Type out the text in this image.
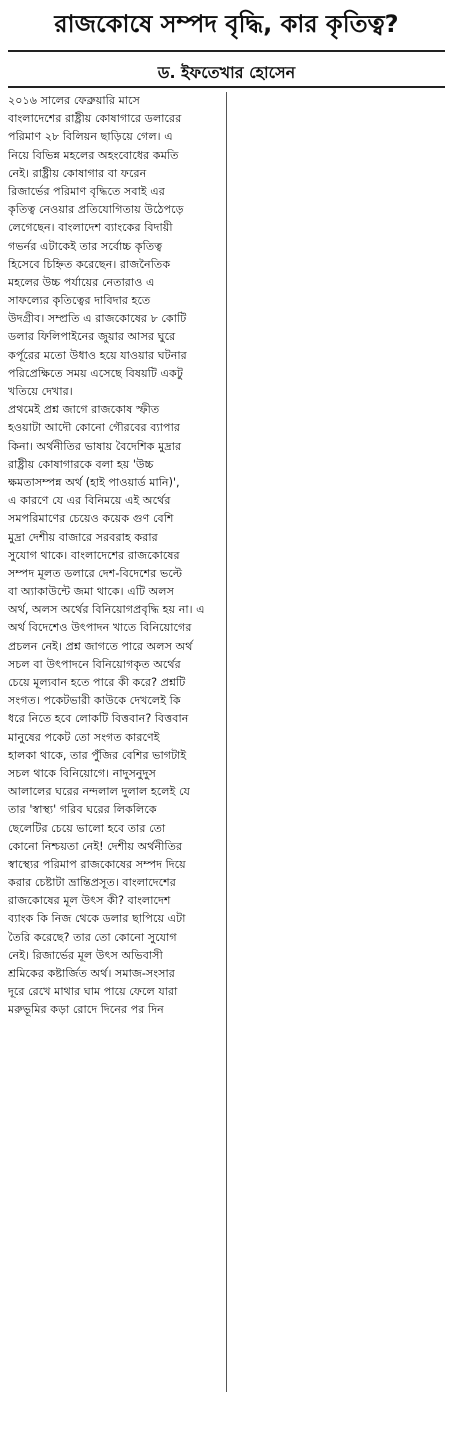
রাজকোষে সম্পদ বৃদ্ধি, কার কৃতিত্ব?
ড. ইফতেখার হোসেন
২০১৬ সালের ফেব্রুয়ারি মাসে
বাংলাদেশের রাষ্ট্রীয় কোষাগারে ডলারের
পরিমাণ ২৮ বিলিয়ন ছাড়িয়ে গেল। এ
নিয়ে বিভিন্ন মহলের অহংবোধের কমতি
নেই। রাষ্ট্রীয় কোষাগার বা ফরেন
রিজার্ভের পরিমাণ বৃদ্ধিতে সবাই এর
কৃতিত্ব নেওয়ার প্রতিযোগিতায় উঠেপড়ে
লেগেছেন। বাংলাদেশ ব্যাংকের বিদায়ী
গভর্নর এটাকেই তার সর্বোচ্চ কৃতিত্ব
হিসেবে চিহ্নিত করেছেন। রাজনৈতিক
মহলের উচ্চ পর্যায়ের নেতারাও এ
সাফল্যের কৃতিত্বের দাবিদার হতে
উদগ্রীব। সম্প্রতি এ রাজকোষের ৮ কোটি
ডলার ফিলিপাইনের জুয়ার আসর ঘুরে
কর্পূরের মতো উধাও হয়ে যাওয়ার ঘটনার
পরিপ্রেক্ষিতে সময় এসেছে বিষয়টি একটু
খতিয়ে দেখার।
প্রথমেই প্রশ্ন জাগে রাজকোষ স্ফীত
হওয়াটা আদৌ কোনো গৌরবের ব্যাপার
কিনা। অর্থনীতির ভাষায় বৈদেশিক মুদ্রার
রাষ্ট্রীয় কোষাগারকে বলা হয় 'উচ্চ
ক্ষমতাসম্পন্ন অর্থ (হাই পাওয়ার্ড মানি)',
এ কারণে যে এর বিনিময়ে এই অর্থের
সমপরিমাণের চেয়েও কয়েক গুণ বেশি
মুদ্রা দেশীয় বাজারে সরবরাহ করার
সুযোগ থাকে। বাংলাদেশের রাজকোষের
সম্পদ মূলত ডলারে দেশ-বিদেশের ভল্টে
বা অ্যাকাউন্টে জমা থাকে। এটি অলস
অর্থ, অলস অর্থের বিনিয়োগপ্রবৃদ্ধি হয় না। এ
অর্থ বিদেশেও উৎপাদন খাতে বিনিয়োগের
প্রচলন নেই। প্রশ্ন জাগতে পারে অলস অর্থ
সচল বা উৎপাদনে বিনিয়োগকৃত অর্থের
চেয়ে মূল্যবান হতে পারে কী করে? প্রশ্নটি
সংগত। পকেটভারী কাউকে দেখলেই কি
ধরে নিতে হবে লোকটি বিত্তবান? বিত্তবান
মানুষের পকেট তো সংগত কারণেই
হালকা থাকে, তার পুঁজির বেশির ভাগটাই
সচল থাকে বিনিয়োগে। নাদুসনুদুস
আলালের ঘরের নন্দলাল দুলাল হলেই যে
তার 'স্বাস্থ্য' গরিব ঘরের লিকলিকে
ছেলেটির চেয়ে ভালো হবে তার তো
কোনো নিশ্চয়তা নেই! দেশীয় অর্থনীতির
স্বাস্থ্যের পরিমাপ রাজকোষের সম্পদ দিয়ে
করার চেষ্টাটা ভ্রান্তিপ্রসূত। বাংলাদেশের
রাজকোষের মূল উৎস কী? বাংলাদেশ
ব্যাংক কি নিজ থেকে ডলার ছাপিয়ে এটা
তৈরি করেছে? তার তো কোনো সুযোগ
নেই। রিজার্ভের মূল উৎস অভিবাসী
শ্রমিকের কষ্টার্জিত অর্থ। সমাজ-সংসার
দূরে রেখে মাথার ঘাম পায়ে ফেলে যারা
মরুভূমির কড়া রোদে দিনের পর দিন
